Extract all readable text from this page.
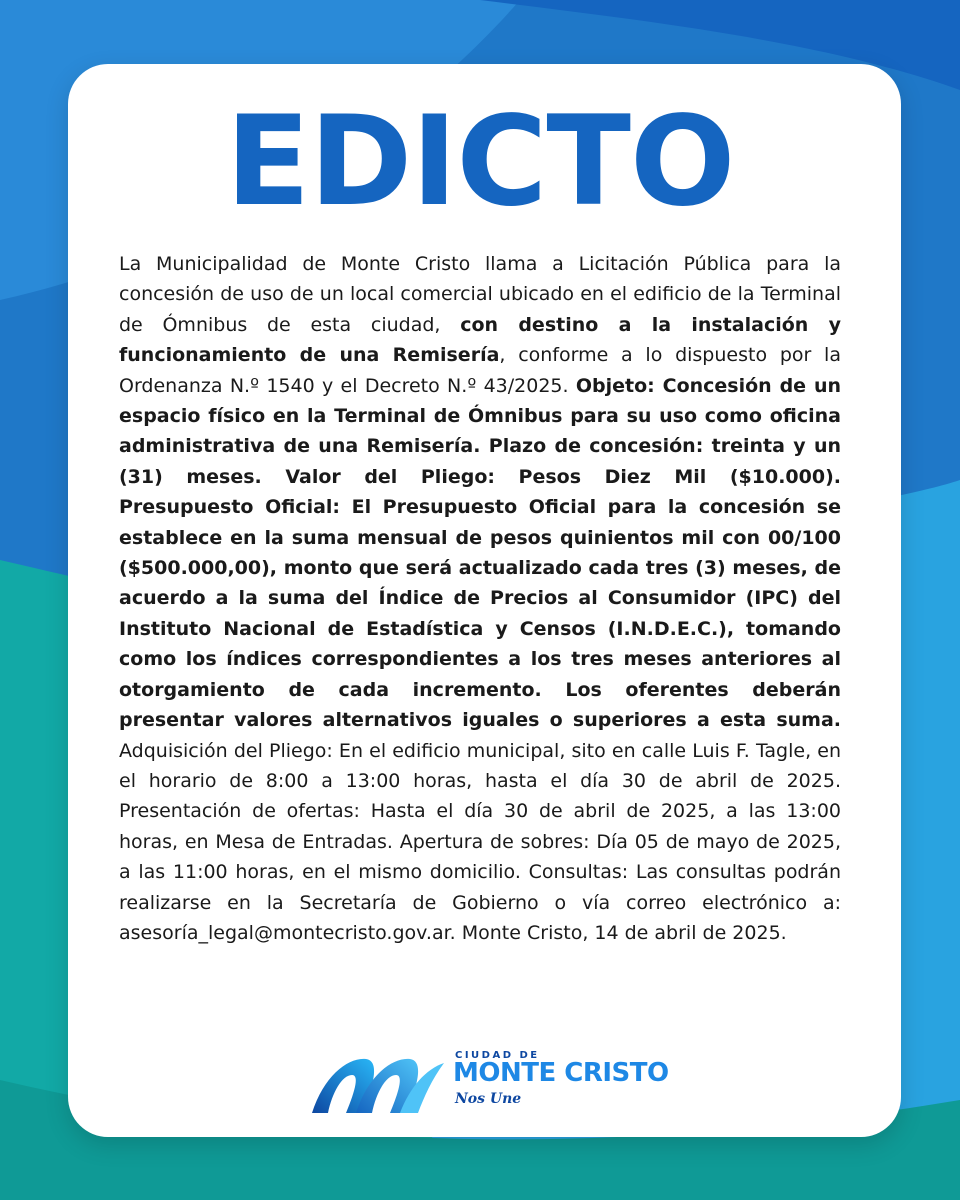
EDICTO

La Municipalidad de Monte Cristo llama a Licitación Pública para la concesión de uso de un local comercial ubicado en el edificio de la Terminal de Ómnibus de esta ciudad, con destino a la instalación y funcionamiento de una Remisería, conforme a lo dispuesto por la Ordenanza N.º 1540 y el Decreto N.º 43/2025. Objeto: Concesión de un espacio físico en la Terminal de Ómnibus para su uso como oficina administrativa de una Remisería. Plazo de concesión: treinta y un (31) meses. Valor del Pliego: Pesos Diez Mil ($10.000). Presupuesto Oficial: El Presupuesto Oficial para la concesión se establece en la suma mensual de pesos quinientos mil con 00/100 ($500.000,00), monto que será actualizado cada tres (3) meses, de acuerdo a la suma del Índice de Precios al Consumidor (IPC) del Instituto Nacional de Estadística y Censos (I.N.D.E.C.), tomando como los índices correspondientes a los tres meses anteriores al otorgamiento de cada incremento. Los oferentes deberán presentar valores alternativos iguales o superiores a esta suma. Adquisición del Pliego: En el edificio municipal, sito en calle Luis F. Tagle, en el horario de 8:00 a 13:00 horas, hasta el día 30 de abril de 2025. Presentación de ofertas: Hasta el día 30 de abril de 2025, a las 13:00 horas, en Mesa de Entradas. Apertura de sobres: Día 05 de mayo de 2025, a las 11:00 horas, en el mismo domicilio. Consultas: Las consultas podrán realizarse en la Secretaría de Gobierno o vía correo electrónico a: asesoría_legal@montecristo.gov.ar. Monte Cristo, 14 de abril de 2025.

CIUDAD DE
MONTE CRISTO
Nos Une
